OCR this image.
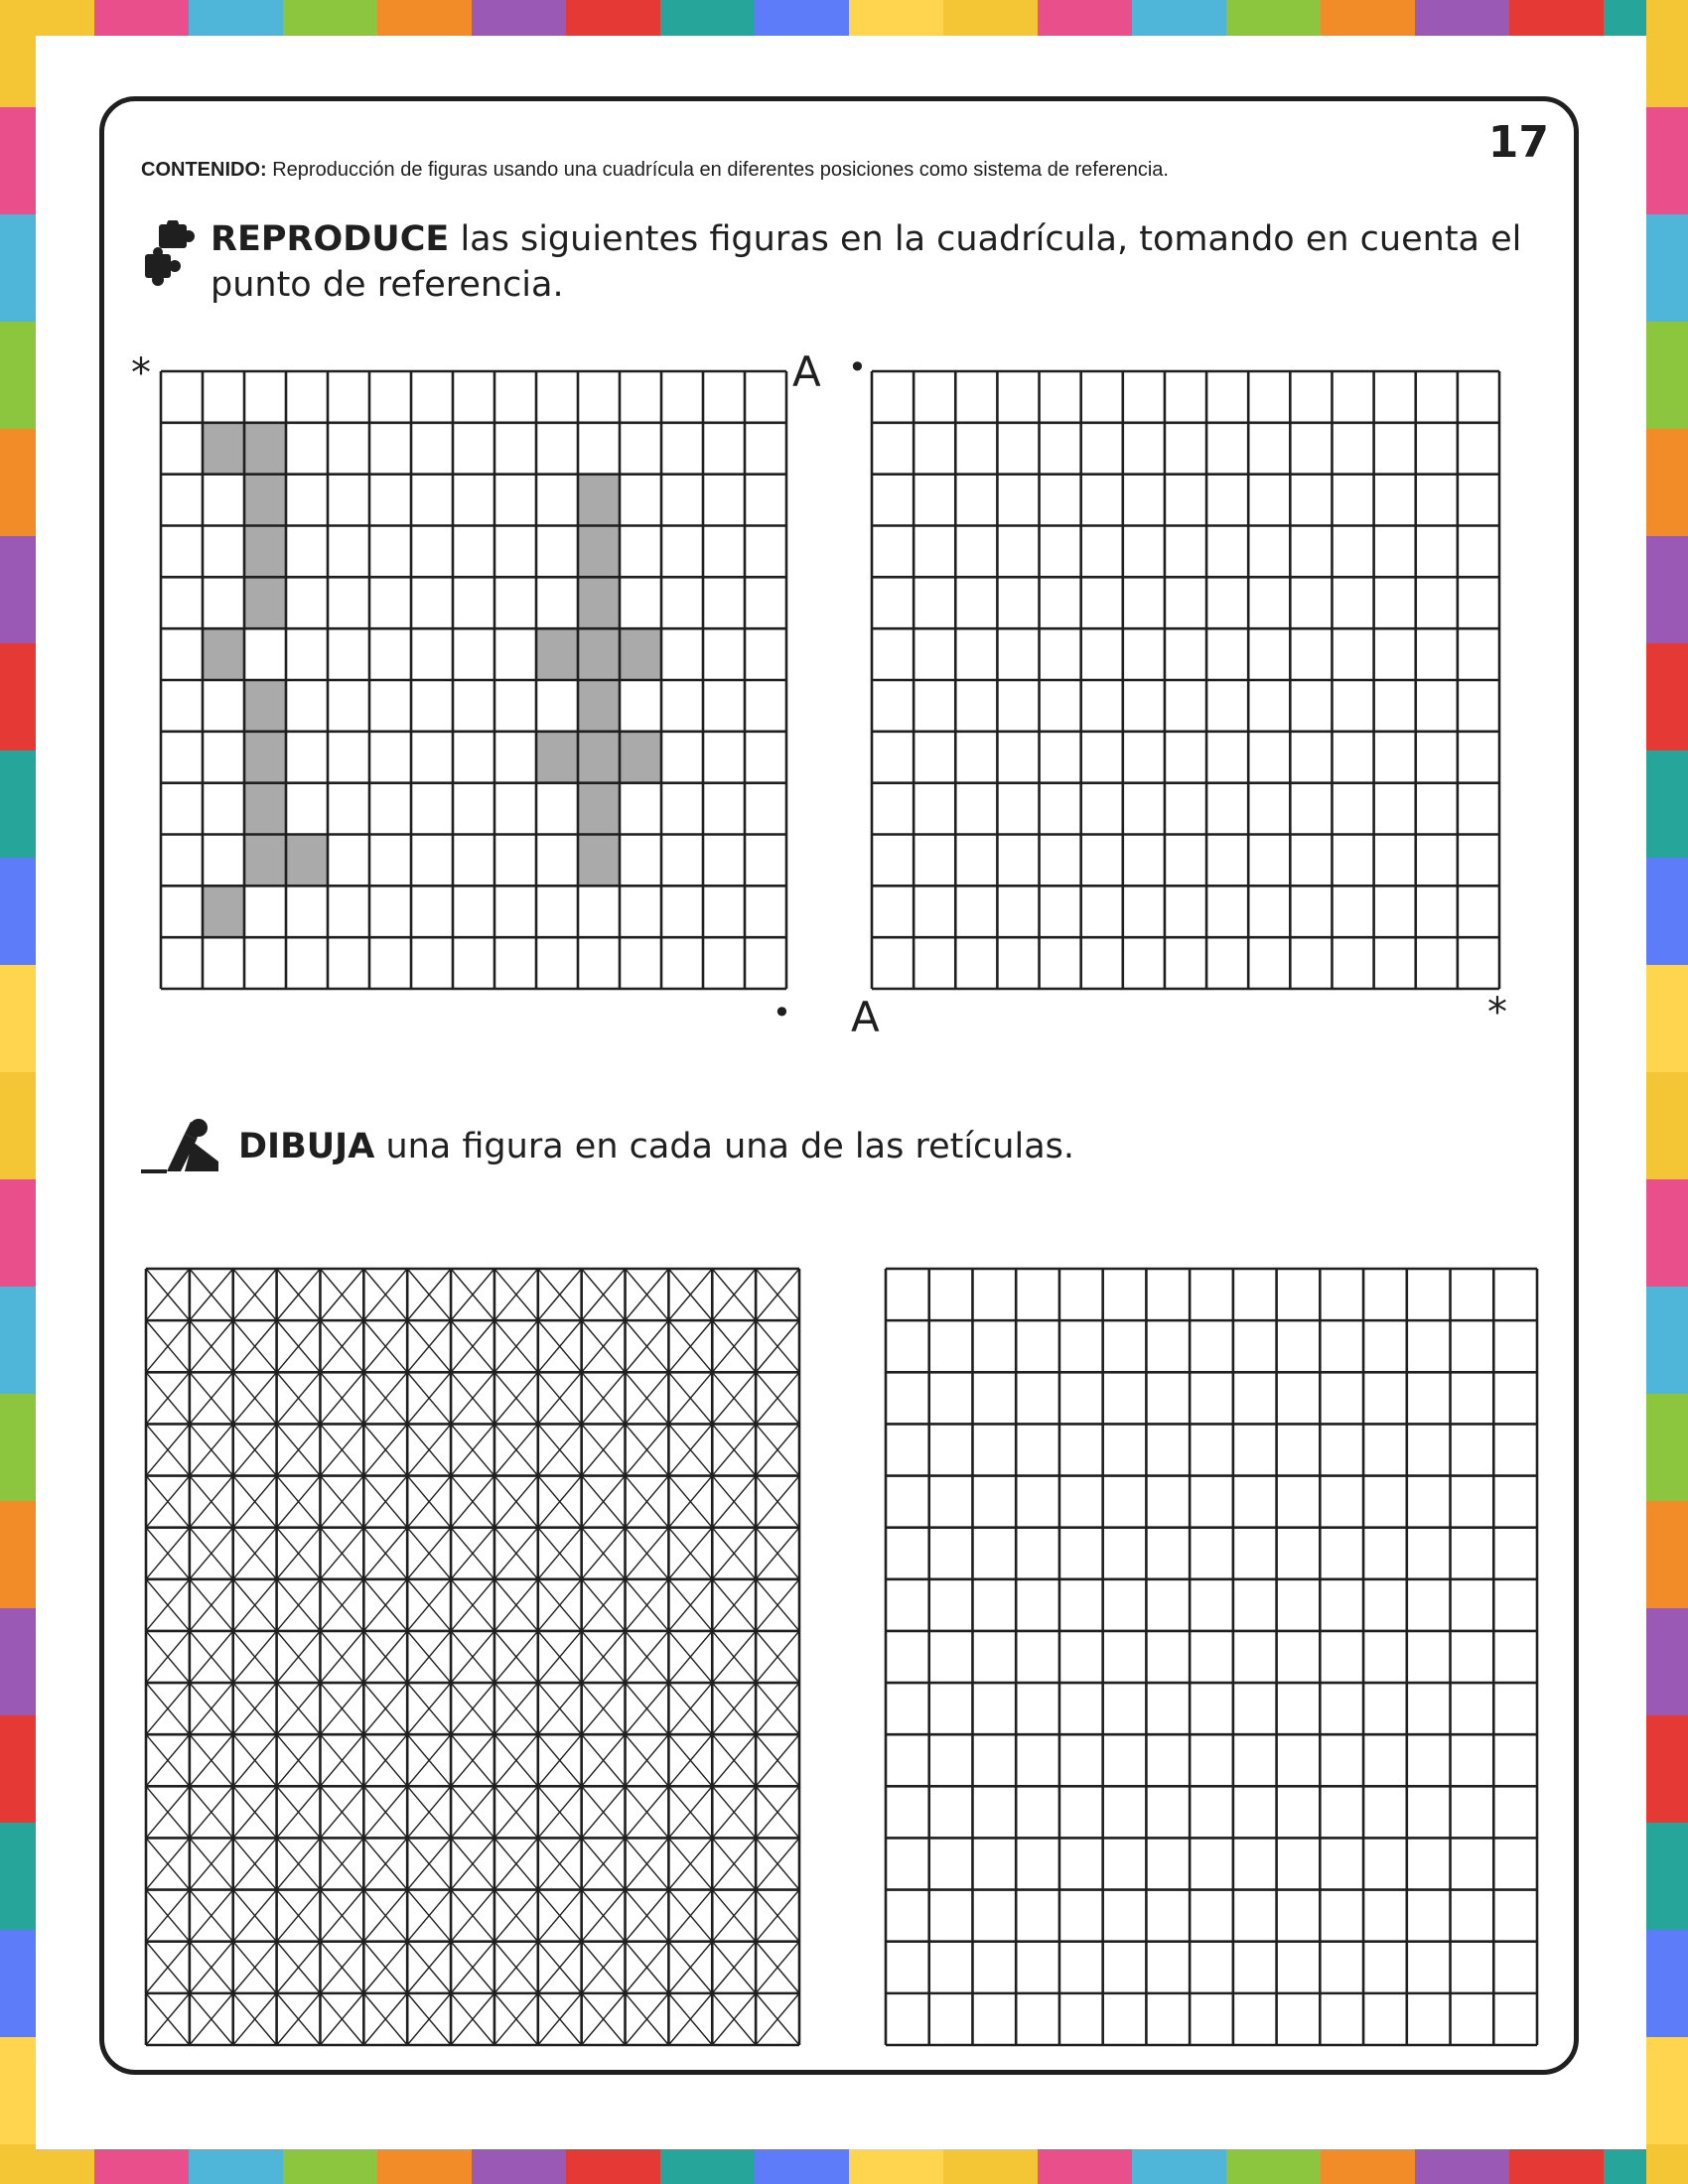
17
CONTENIDO: Reproducción de figuras usando una cuadrícula en diferentes posiciones como sistema de referencia.
REPRODUCE las siguientes figuras en la cuadrícula, tomando en cuenta el punto de referencia.
*	A
•
•
A	*
DIBUJA una figura en cada una de las retículas.
